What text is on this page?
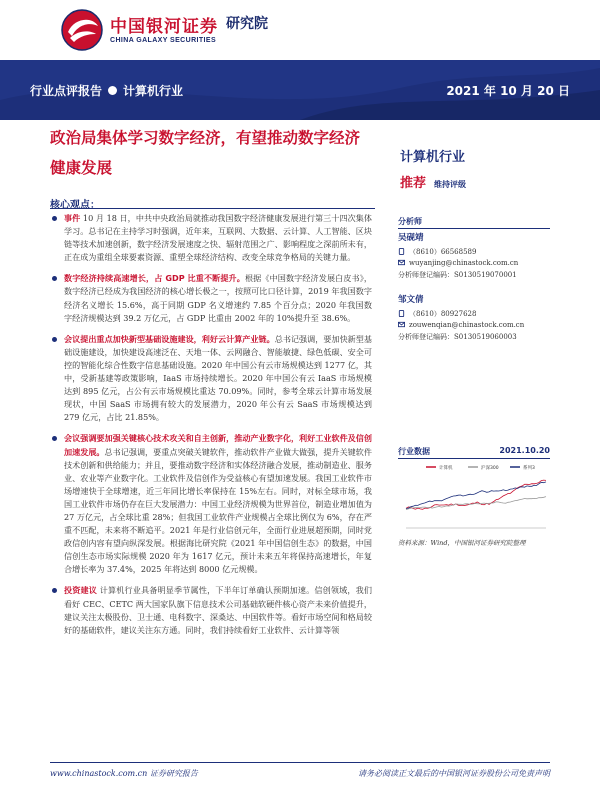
中国银河证券
CHINA GALAXY SECURITIES
研究院
行业点评报告 计算机行业	2021 年 10 月 20 日
政治局集体学习数字经济，有望推动数字经济健康发展
计算机行业
推荐 维持评级
核心观点：
事件 10 月 18 日，中共中央政治局就推动我国数字经济健康发展进行第三十四次集体学习。总书记在主持学习时强调，近年来，互联网、大数据、云计算、人工智能、区块链等技术加速创新，数字经济发展速度之快、辐射范围之广、影响程度之深前所未有，正在成为重组全球要素资源、重塑全球经济结构、改变全球竞争格局的关键力量。
数字经济持续高速增长，占 GDP 比重不断提升。根据《中国数字经济发展白皮书》，数字经济已经成为我国经济的核心增长极之一，按照可比口径计算，2019 年我国数字经济名义增长 15.6%，高于同期 GDP 名义增速约 7.85 个百分点；2020 年我国数字经济规模达到 39.2 万亿元，占 GDP 比重由 2002 年的 10%提升至 38.6%。
会议提出重点加快新型基础设施建设，利好云计算产业链。总书记强调，要加快新型基础设施建设，加快建设高速泛在、天地一体、云网融合、智能敏捷、绿色低碳、安全可控的智能化综合性数字信息基础设施。2020 年中国公有云市场规模达到 1277 亿，其中，受新基建等政策影响，IaaS 市场持续增长。2020 年中国公有云 IaaS 市场规模达到 895 亿元，占公有云市场规模比重达 70.09%。同时，参考全球云计算市场发展现状，中国 SaaS 市场拥有较大的发展潜力，2020 年公有云 SaaS 市场规模达到 279 亿元，占比 21.85%。
会议强调要加强关键核心技术攻关和自主创新，推动产业数字化，利好工业软件及信创加速发展。总书记强调，要重点突破关键软件，推动软件产业做大做强，提升关键软件技术创新和供给能力；并且，要推动数字经济和实体经济融合发展，推动制造业、服务业、农业等产业数字化。工业软件及信创作为受益核心有望加速发展。我国工业软件市场增速快于全球增速，近三年同比增长率保持在 15%左右。同时，对标全球市场，我国工业软件市场仍存在巨大发展潜力：中国工业经济规模为世界首位，制造业增加值为 27 万亿元，占全球比重 28%；但我国工业软件产业规模占全球比例仅为 6%，存在严重不匹配，未来将不断追平。2021 年是行业信创元年，全面行业进展超预期，同时党政信创内容有望向纵深发展。根据海比研究院《2021 年中国信创生态》的数据，中国信创生态市场实际规模 2020 年为 1617 亿元，预计未来五年将保持高速增长，年复合增长率为 37.4%，2025 年将达到 8000 亿元规模。
投资建议 计算机行业具备明显季节属性，下半年订单确认预期加速。信创领域，我们看好 CEC、CETC 两大国家队旗下信息技术公司基础软硬件核心资产未来价值提升，建议关注太极股份、卫士通、电科数字、深桑达、中国软件等。看好市场空间和格局较好的基础软件，建议关注东方通。同时，我们持续看好工业软件、云计算等领
分析师
吴砚靖
（8610）66568589
wuyanjing@chinastock.com.cn
分析师登记编码：S0130519070001
邹文倩
（8610）80927628
zouwenqian@chinastock.com.cn
分析师登记编码：S0130519060003
行业数据	2021.10.20
计算机	沪深300	系列3
资料来源：Wind，中国银河证券研究院整理
www.chinastock.com.cn 证券研究报告	请务必阅读正文最后的中国银河证券股份公司免责声明
